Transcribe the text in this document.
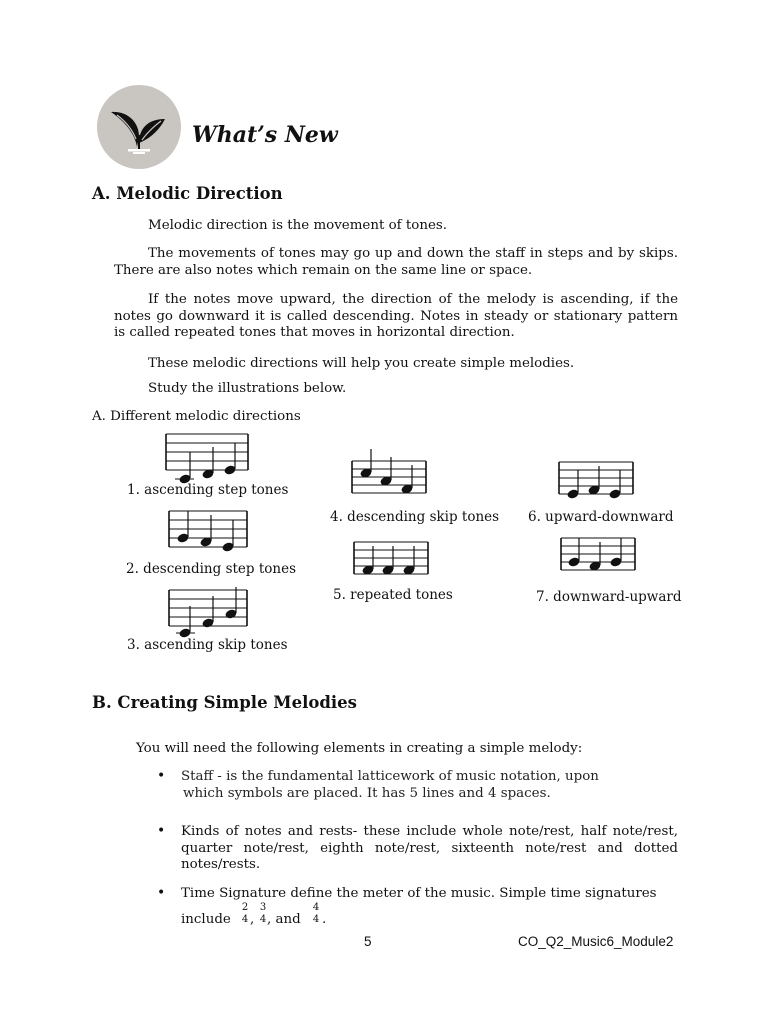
What’s New
A. Melodic Direction
Melodic direction is the movement of tones.
The movements of tones may go up and down the staff in steps and by skips. There are also notes which remain on the same line or space.
If the notes move upward, the direction of the melody is ascending, if the notes go downward it is called descending. Notes in steady or stationary pattern is called repeated tones that moves in horizontal direction.
These melodic directions will help you create simple melodies.
Study the illustrations below.
A. Different melodic directions
1. ascending step tones
2. descending step tones
3. ascending skip tones
4. descending skip tones
5. repeated tones
6. upward-downward
7. downward-upward
B. Creating Simple Melodies
You will need the following elements in creating a simple melody:
• Staff - is the fundamental latticework of music notation, upon
which symbols are placed. It has 5 lines and 4 spaces.
• Kinds of notes and rests- these include whole note/rest, half note/rest, quarter note/rest, eighth note/rest, sixteenth note/rest and dotted notes/rests.
• Time Signature define the meter of the music. Simple time signatures
include
2
4 ,
3
4 , and
4
4 .
5	CO_Q2_Music6_Module2
